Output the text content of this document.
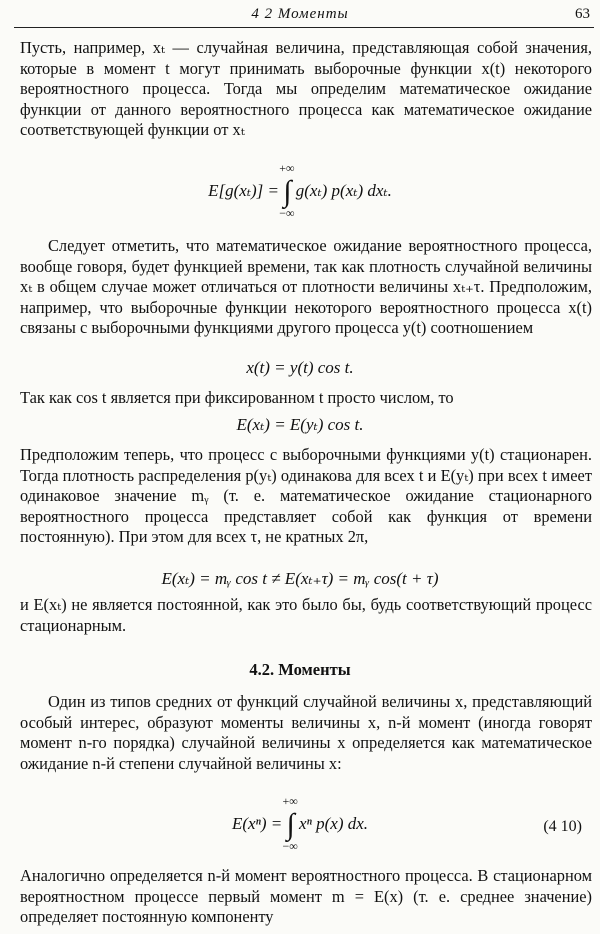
4 2 Моменты	63
Пусть, например, xₜ — случайная величина, представляющая собой значения, которые в момент t могут принимать выборочные функции x(t) некоторого вероятностного процесса. Тогда мы определим математическое ожидание функции от данного вероятностного процесса как математическое ожидание соответствующей функции от xₜ
E[g(xₜ)] = ∫
+∞
−∞
g(xₜ) p(xₜ) dxₜ.
Следует отметить, что математическое ожидание вероятностного процесса, вообще говоря, будет функцией времени, так как плотность случайной величины xₜ в общем случае может отличаться от плотности величины xₜ₊τ. Предположим, например, что выборочные функции некоторого вероятностного процесса x(t) связаны с выборочными функциями другого процесса y(t) соотношением
x(t) = y(t) cos t.
Так как cos t является при фиксированном t просто числом, то
E(xₜ) = E(yₜ) cos t.
Предположим теперь, что процесс с выборочными функциями y(t) стационарен. Тогда плотность распределения p(yₜ) одинакова для всех t и E(yₜ) при всех t имеет одинаковое значение mᵧ (т. е. математическое ожидание стационарного вероятностного процесса представляет собой как функция от времени постоянную). При этом для всех τ, не кратных 2π,
E(xₜ) = mᵧ cos t ≠ E(xₜ₊τ) = mᵧ cos(t + τ)
и E(xₜ) не является постоянной, как это было бы, будь соответствующий процесс стационарным.
4.2. Моменты
Один из типов средних от функций случайной величины x, представляющий особый интерес, образуют моменты величины x, n-й момент (иногда говорят момент n-го порядка) случайной величины x определяется как математическое ожидание n-й степени случайной величины x:
E(xⁿ) = ∫
+∞
−∞
xⁿ p(x) dx.	(4 10)
Аналогично определяется n-й момент вероятностного процесса. В стационарном вероятностном процессе первый момент m = E(x) (т. е. среднее значение) определяет постоянную компоненту
